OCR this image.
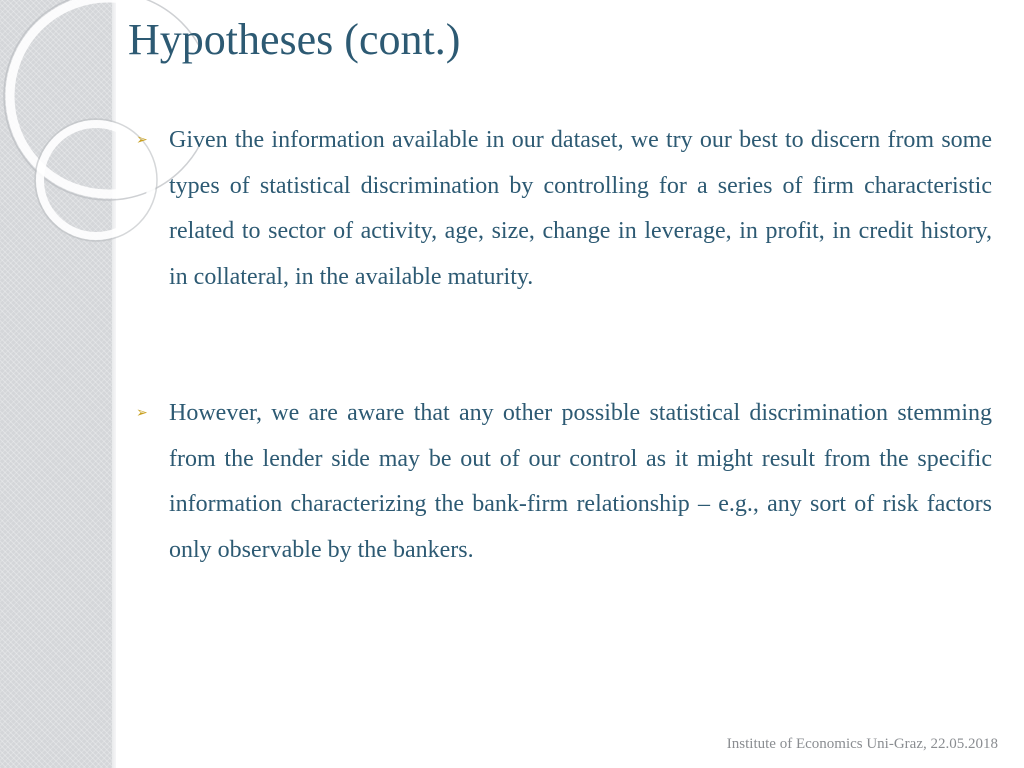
Hypotheses (cont.)
➢ Given the information available in our dataset, we try our best to discern from some types of statistical discrimination by controlling for a series of firm characteristic related to sector of activity, age, size, change in leverage, in profit, in credit history, in collateral, in the available maturity.
➢ However, we are aware that any other possible statistical discrimination stemming from the lender side may be out of our control as it might result from the specific information characterizing the bank-firm relationship – e.g., any sort of risk factors only observable by the bankers.
Institute of Economics Uni-Graz, 22.05.2018
